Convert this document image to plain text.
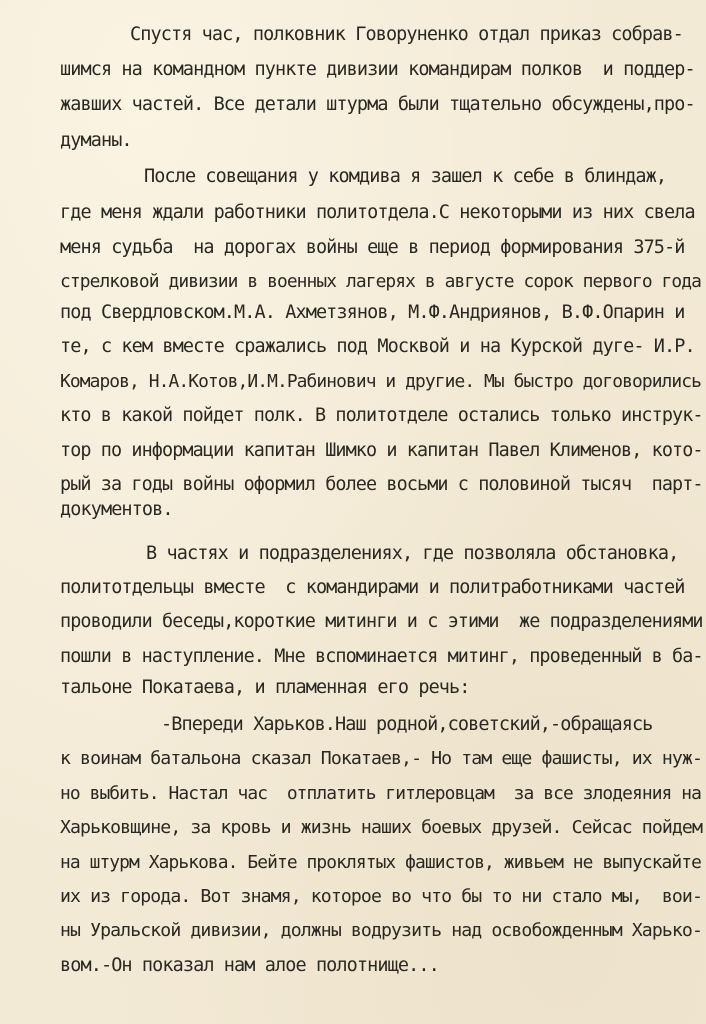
Спустя час, полковник Говоруненко отдал приказ собрав-
шимся на командном пункте дивизии командирам полков  и поддер-
жавших частей. Все детали штурма были тщательно обсуждены,про-
думаны.
После совещания у комдива я зашел к себе в блиндаж,
где меня ждали работники политотдела.С некоторыми из них свела
меня судьба  на дорогах войны еще в период формирования 375-й
стрелковой дивизии в военных лагерях в августе сорок первого года
под Свердловском.М.А. Ахметзянов, М.Ф.Андриянов, В.Ф.Опарин и
те, с кем вместе сражались под Москвой и на Курской дуге- И.Р.
Комаров, Н.А.Котов,И.М.Рабинович и другие. Мы быстро договорились
кто в какой пойдет полк. В политотделе остались только инструк-
тор по информации капитан Шимко и капитан Павел Клименов, кото-
рый за годы войны оформил более восьми с половиной тысяч  парт-
документов.
В частях и подразделениях, где позволяла обстановка,
политотдельцы вместе  с командирами и политработниками частей
проводили беседы,короткие митинги и с этими  же подразделениями
пошли в наступление. Мне вспоминается митинг, проведенный в ба-
тальоне Покатаева, и пламенная его речь:
-Впереди Харьков.Наш родной,советский,-обращаясь
к воинам батальона сказал Покатаев,- Но там еще фашисты, их нуж-
но выбить. Настал час  отплатить гитлеровцам  за все злодеяния на
Харьковщине, за кровь и жизнь наших боевых друзей. Сейсас пойдем
на штурм Харькова. Бейте проклятых фашистов, живьем не выпускайте
их из города. Вот знамя, которое во что бы то ни стало мы,  вои-
ны Уральской дивизии, должны водрузить над освобожденным Харько-
вом.-Он показал нам алое полотнище...
